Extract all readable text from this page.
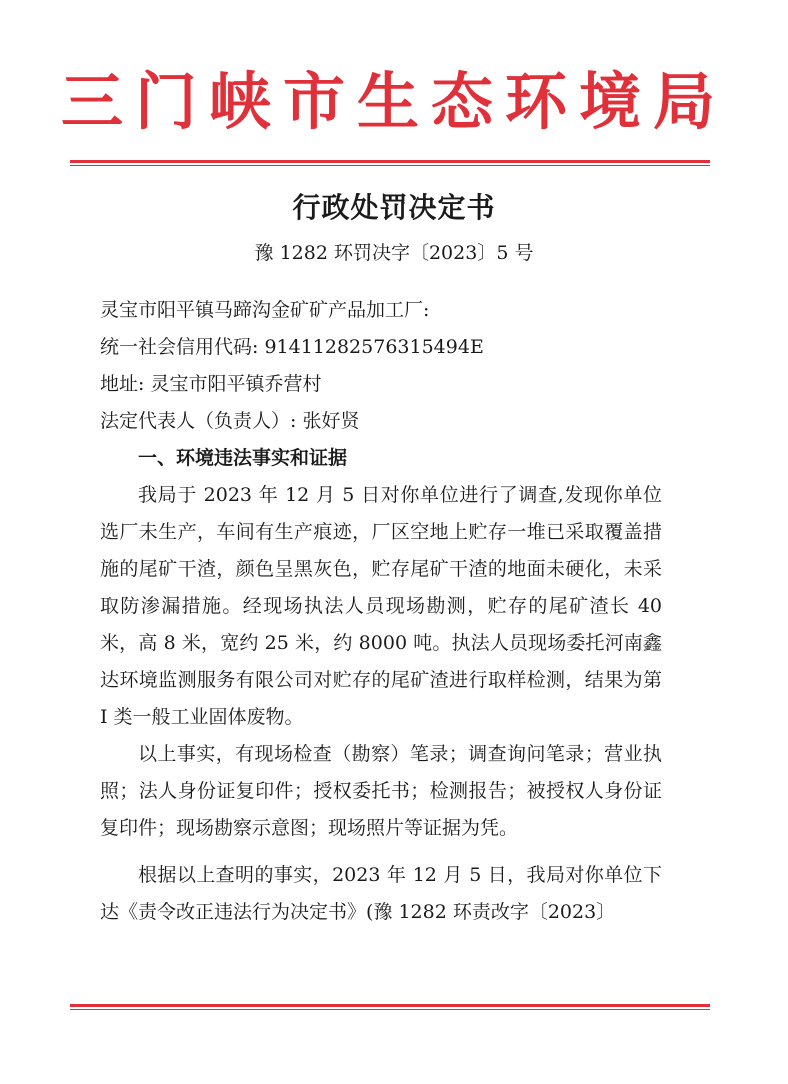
三门峡市生态环境局
行政处罚决定书
豫 1282 环罚决字〔2023〕5 号
灵宝市阳平镇马蹄沟金矿矿产品加工厂:
统一社会信用代码: 91411282576315494E
地址: 灵宝市阳平镇乔营村
法定代表人（负责人）: 张好贤
一、环境违法事实和证据
我局于 2023 年 12 月 5 日对你单位进行了调查,发现你单位选厂未生产，车间有生产痕迹，厂区空地上贮存一堆已采取覆盖措施的尾矿干渣，颜色呈黑灰色，贮存尾矿干渣的地面未硬化，未采取防渗漏措施。经现场执法人员现场勘测，贮存的尾矿渣长 40 米，高 8 米，宽约 25 米，约 8000 吨。执法人员现场委托河南鑫达环境监测服务有限公司对贮存的尾矿渣进行取样检测，结果为第 I 类一般工业固体废物。
以上事实，有现场检查（勘察）笔录；调查询问笔录；营业执照；法人身份证复印件；授权委托书；检测报告；被授权人身份证复印件；现场勘察示意图；现场照片等证据为凭。
根据以上查明的事实，2023 年 12 月 5 日，我局对你单位下达《责令改正违法行为决定书》(豫 1282 环责改字〔2023〕
